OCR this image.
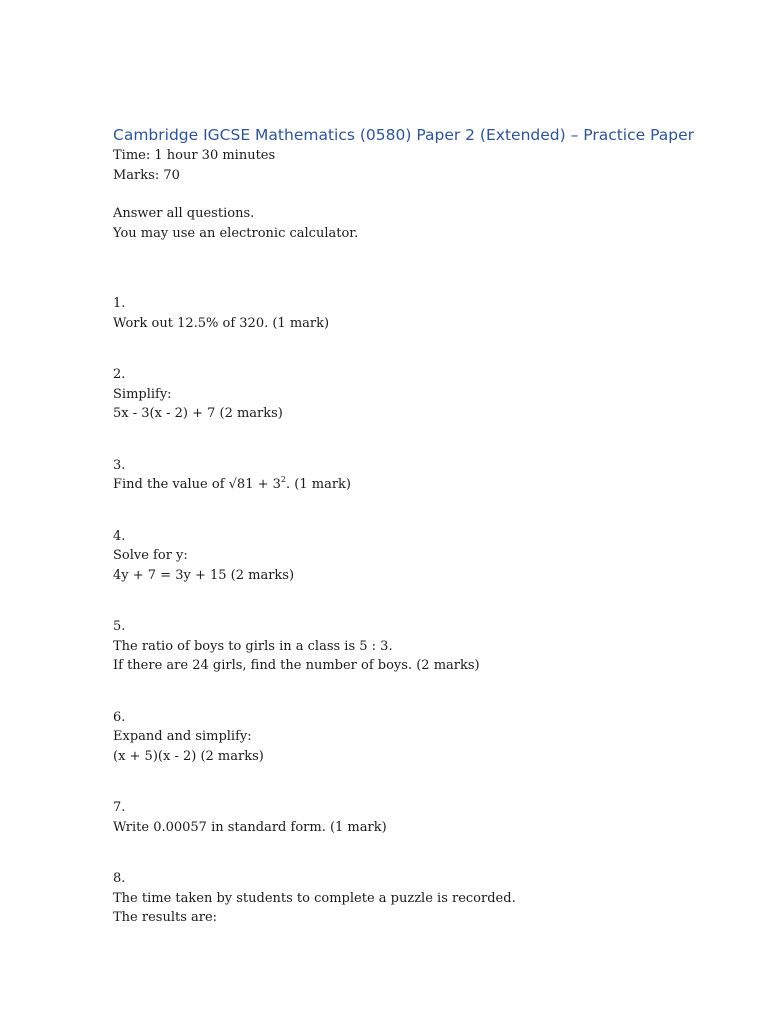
Cambridge IGCSE Mathematics (0580) Paper 2 (Extended) – Practice Paper
Time: 1 hour 30 minutes
Marks: 70
Answer all questions.
You may use an electronic calculator.
1.
Work out 12.5% of 320. (1 mark)
2.
Simplify:
5x - 3(x - 2) + 7 (2 marks)
3.
Find the value of $√81 + 3^2$. (1 mark)
4.
Solve for y:
4y + 7 = 3y + 15 (2 marks)
5.
The ratio of boys to girls in a class is 5 : 3.
If there are 24 girls, find the number of boys. (2 marks)
6.
Expand and simplify:
(x + 5)(x - 2) (2 marks)
7.
Write 0.00057 in standard form. (1 mark)
8.
The time taken by students to complete a puzzle is recorded.
The results are:
